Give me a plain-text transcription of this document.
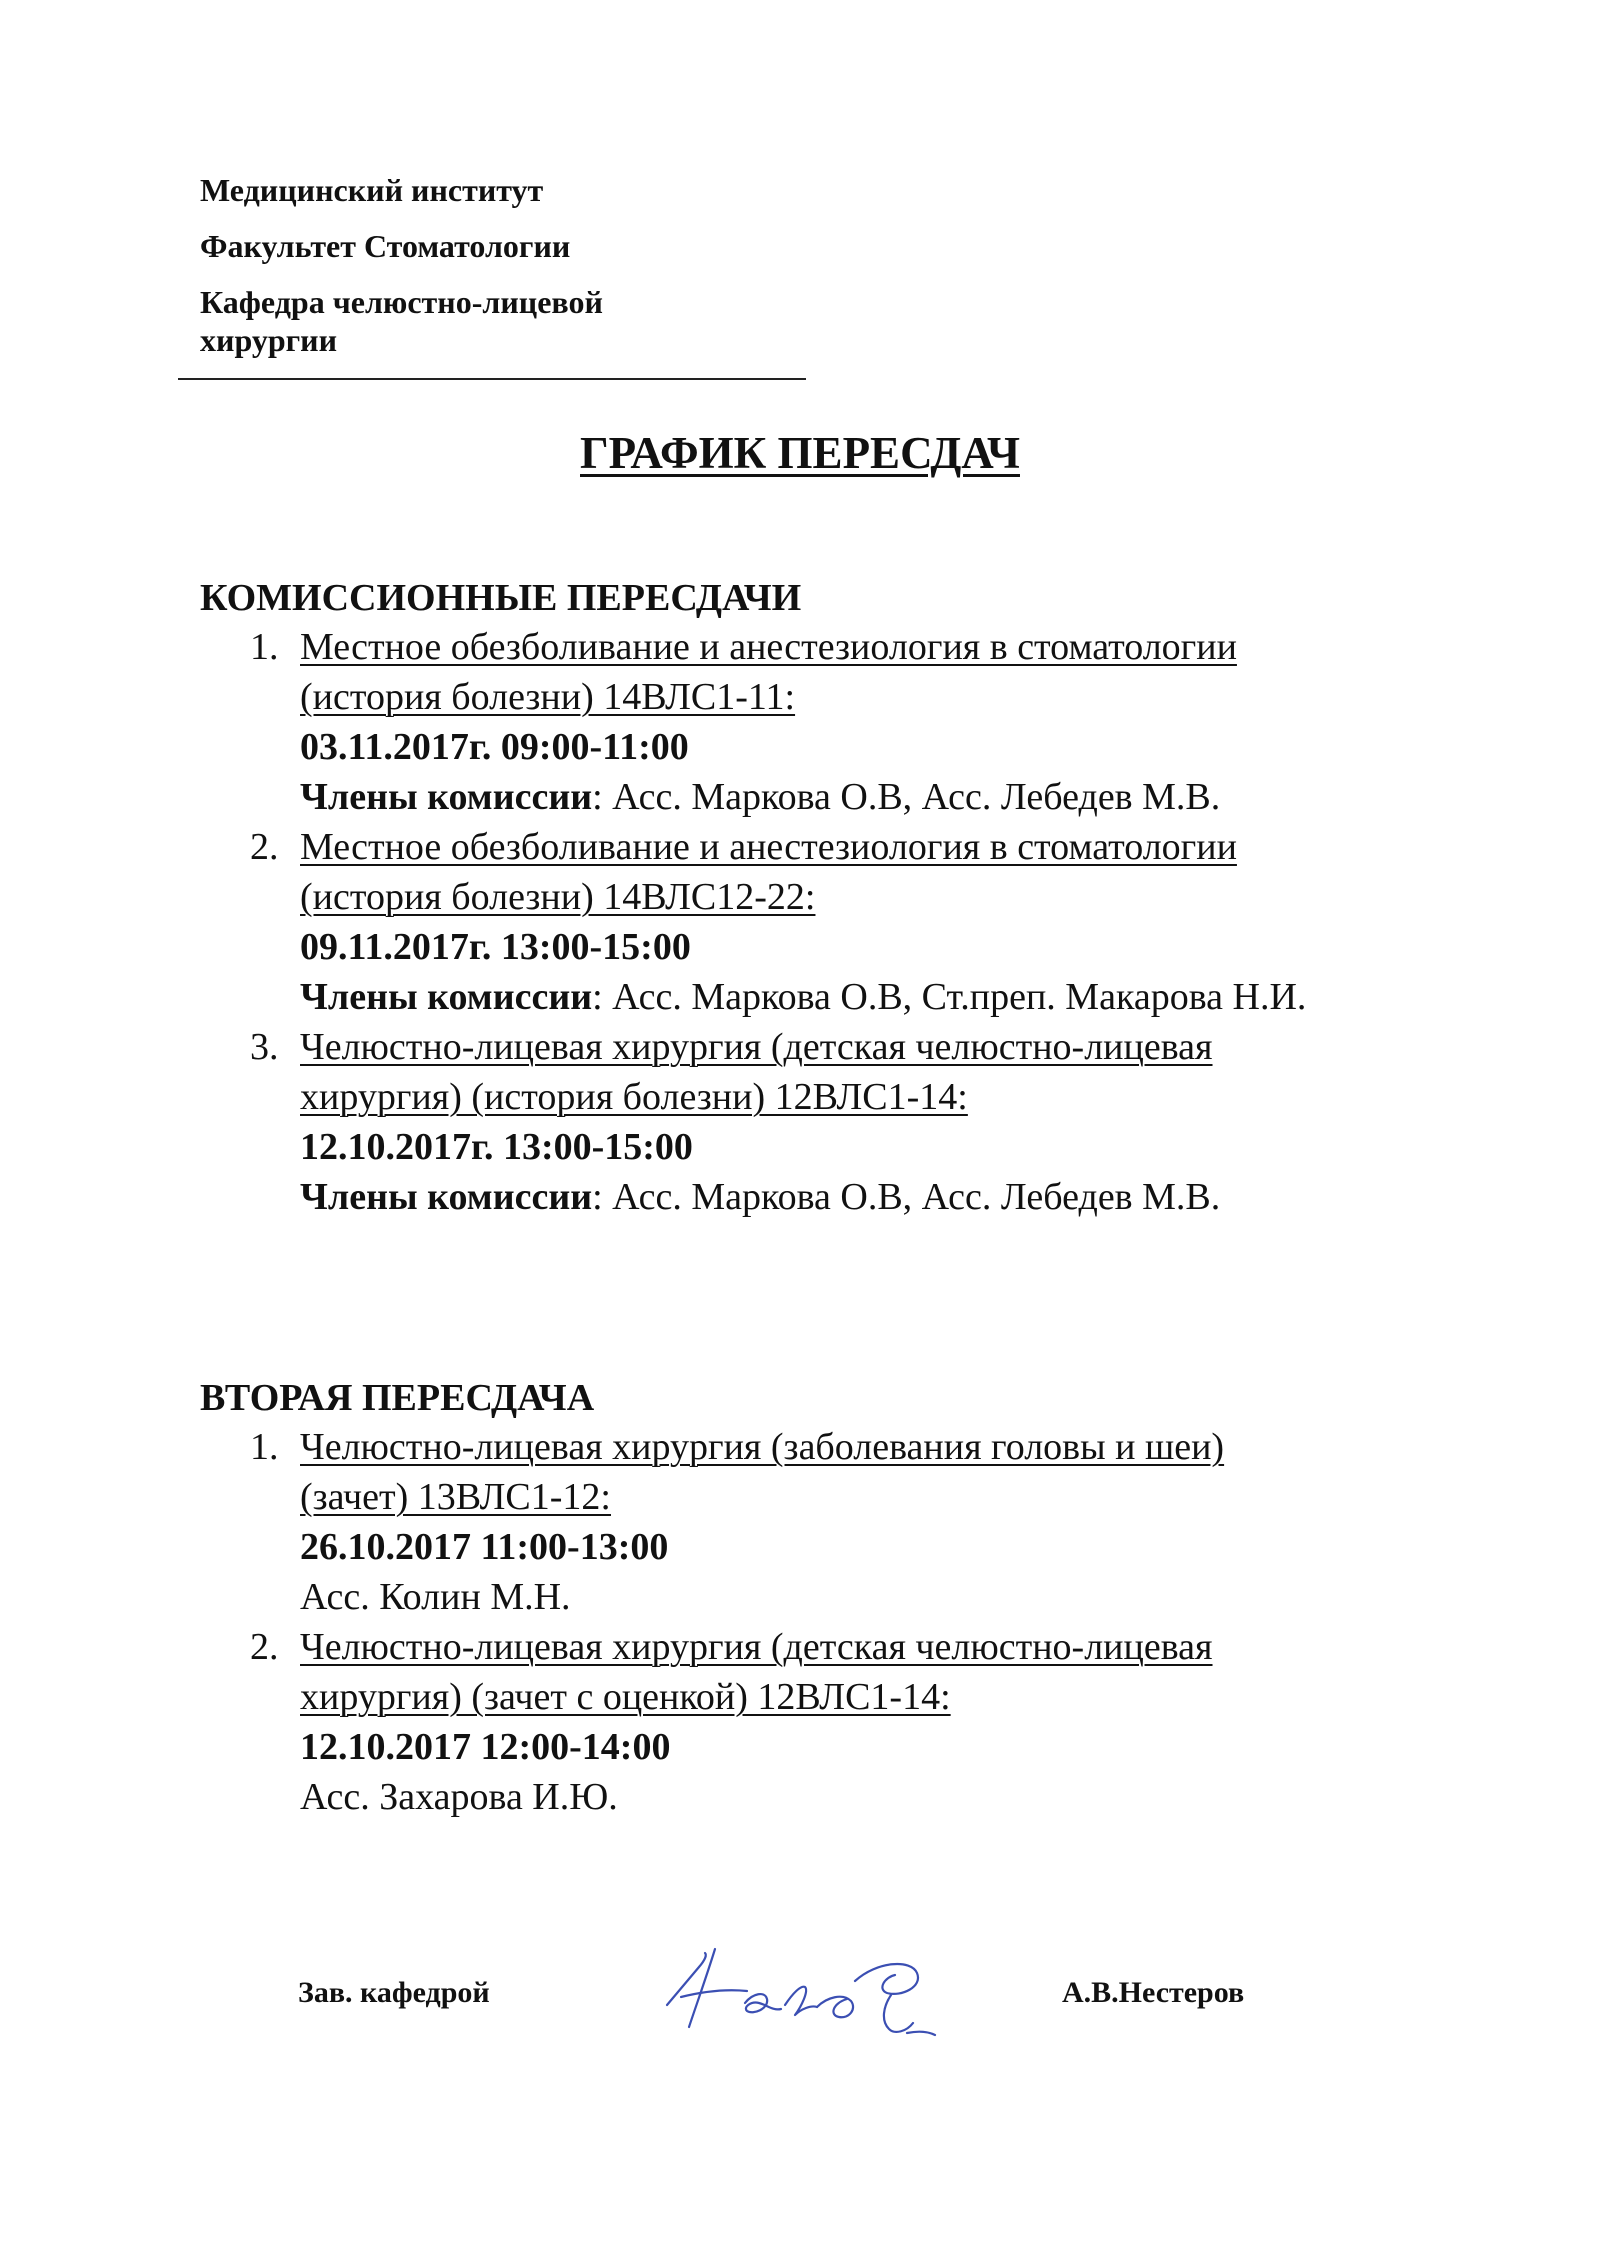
Медицинский институт
Факультет Стоматологии
Кафедра челюстно-лицевой
хирургии
ГРАФИК ПЕРЕСДАЧ
КОМИССИОННЫЕ ПЕРЕСДАЧИ
1. Местное обезболивание и анестезиология в стоматологии
(история болезни) 14ВЛС1-11:
03.11.2017г. 09:00-11:00
Члены комиссии: Асс. Маркова О.В, Асс. Лебедев М.В.
2. Местное обезболивание и анестезиология в стоматологии
(история болезни) 14ВЛС12-22:
09.11.2017г. 13:00-15:00
Члены комиссии: Асс. Маркова О.В, Ст.преп. Макарова Н.И.
3. Челюстно-лицевая хирургия (детская челюстно-лицевая
хирургия) (история болезни) 12ВЛС1-14:
12.10.2017г. 13:00-15:00
Члены комиссии: Асс. Маркова О.В, Асс. Лебедев М.В.
ВТОРАЯ ПЕРЕСДАЧА
1. Челюстно-лицевая хирургия (заболевания головы и шеи)
(зачет) 13ВЛС1-12:
26.10.2017 11:00-13:00
Асс. Колин М.Н.
2. Челюстно-лицевая хирургия (детская челюстно-лицевая
хирургия) (зачет с оценкой) 12ВЛС1-14:
12.10.2017 12:00-14:00
Асс. Захарова И.Ю.
Зав. кафедрой	А.В.Нестеров
